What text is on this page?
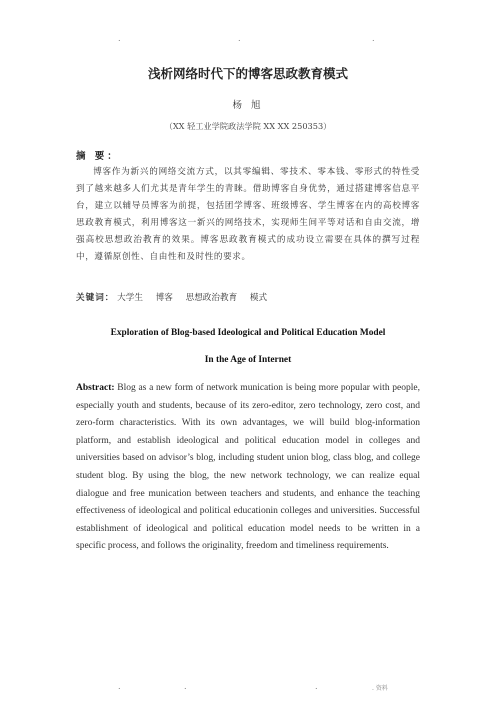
.	.	.
浅析网络时代下的博客思政教育模式
杨 旭
（XX 轻工业学院政法学院 XX XX 250353）
摘 要：

博客作为新兴的网络交流方式，以其零编辑、零技术、零本钱、零形式的特性受到了越来越多人们尤其是青年学生的青睐。借助博客自身优势，通过搭建博客信息平台，建立以辅导员博客为前提，包括团学博客、班级博客、学生博客在内的高校博客思政教育模式，利用博客这一新兴的网络技术，实现师生间平等对话和自由交流，增强高校思想政治教育的效果。博客思政教育模式的成功设立需要在具体的撰写过程中，遵循原创性、自由性和及时性的要求。

关键词： 大学生 博客 思想政治教育 模式
Exploration of Blog-based Ideological and Political Education Model
In the Age of Internet

Abstract: Blog as a new form of network munication is being more popular with people, especially youth and students, because of its zero-editor, zero technology, zero cost, and zero-form characteristics. With its own advantages, we will build blog-information platform, and establish ideological and political education model in colleges and universities based on advisor’s blog, including student union blog, class blog, and college student blog. By using the blog, the new network technology, we can realize equal dialogue and free munication between teachers and students, and enhance the teaching effectiveness of ideological and political educationin colleges and universities. Successful establishment of ideological and political education model needs to be written in a specific process, and follows the originality, freedom and timeliness requirements.

.	.	.	. 资料
